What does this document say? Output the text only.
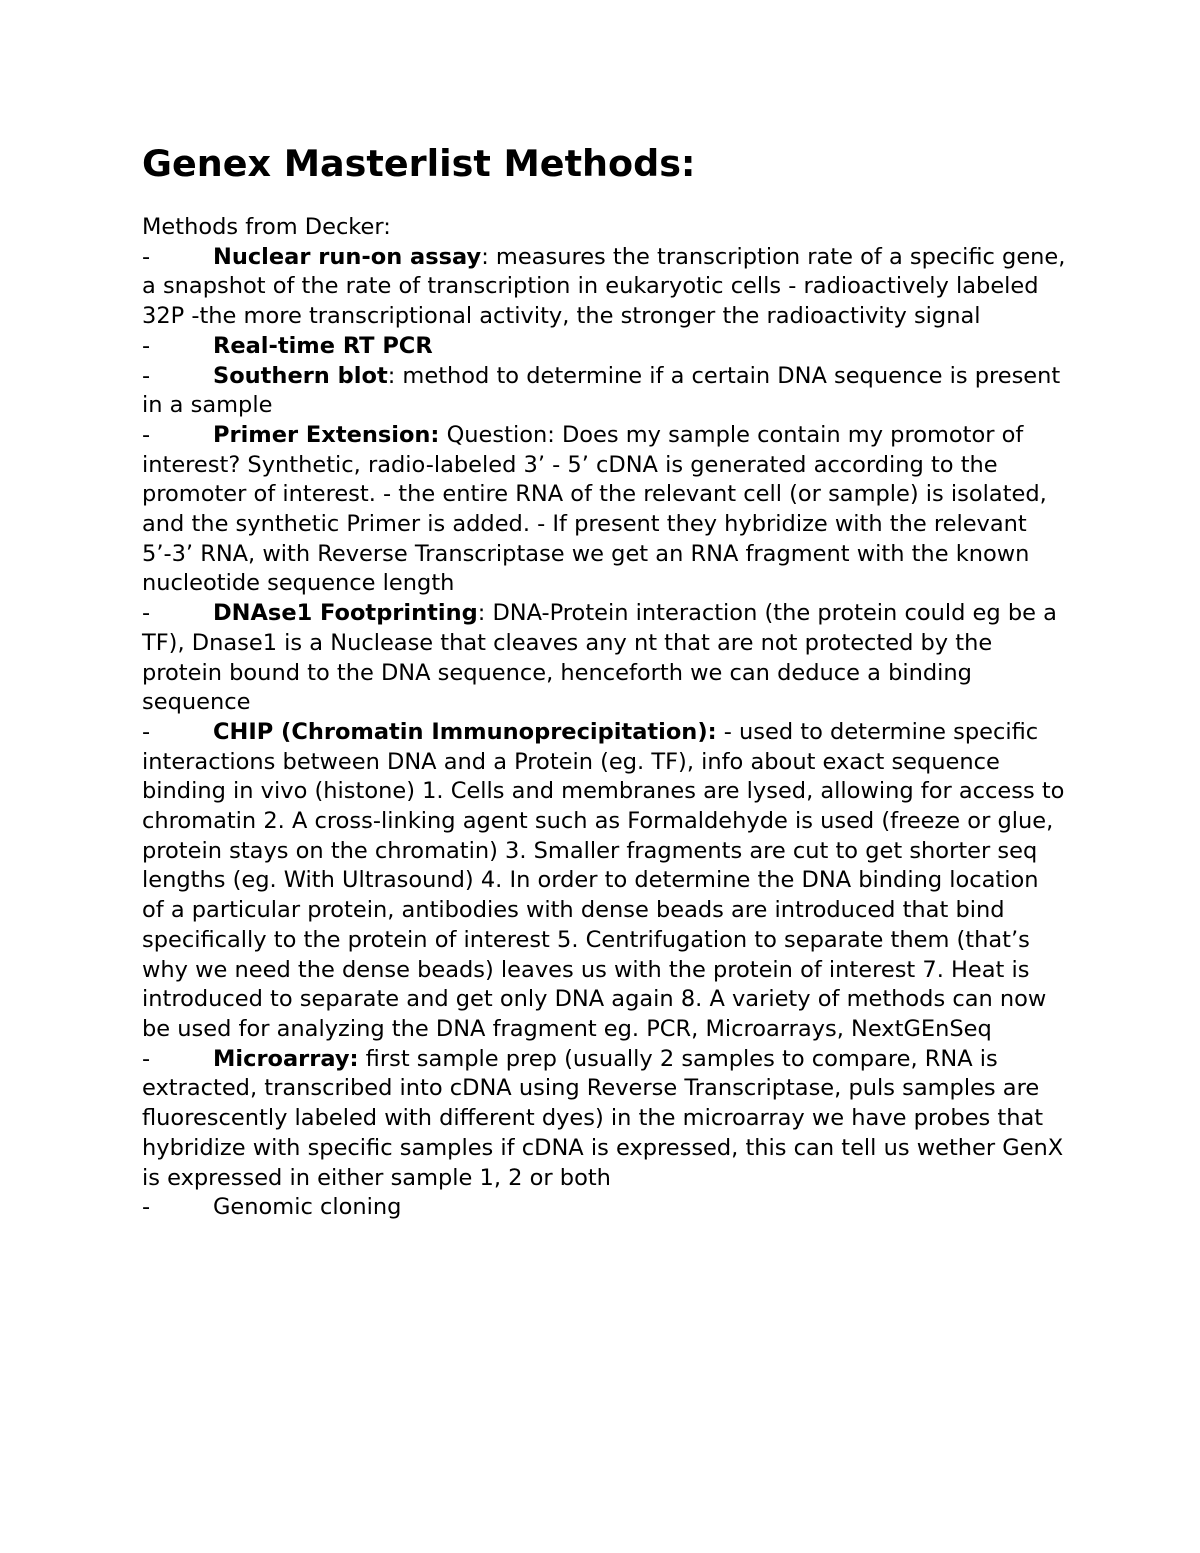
Genex Masterlist Methods:

Methods from Decker:

-	Nuclear run-on assay: measures the transcription rate of a specific gene, a snapshot of the rate of transcription in eukaryotic cells - radioactively labeled 32P -the more transcriptional activity, the stronger the radioactivity signal
-	Real-time RT PCR
-	Southern blot: method to determine if a certain DNA sequence is present in a sample
-	Primer Extension: Question: Does my sample contain my promotor of interest? Synthetic, radio-labeled 3’ - 5’ cDNA is generated according to the promoter of interest. - the entire RNA of the relevant cell (or sample) is isolated, and the synthetic Primer is added. - If present they hybridize with the relevant 5’-3’ RNA, with Reverse Transcriptase we get an RNA fragment with the known nucleotide sequence length
-	DNAse1 Footprinting: DNA-Protein interaction (the protein could eg be a TF), Dnase1 is a Nuclease that cleaves any nt that are not protected by the protein bound to the DNA sequence, henceforth we can deduce a binding sequence
-	CHIP (Chromatin Immunoprecipitation): - used to determine specific interactions between DNA and a Protein (eg. TF), info about exact sequence binding in vivo (histone) 1. Cells and membranes are lysed, allowing for access to chromatin 2. A cross-linking agent such as Formaldehyde is used (freeze or glue, protein stays on the chromatin) 3. Smaller fragments are cut to get shorter seq lengths (eg. With Ultrasound) 4. In order to determine the DNA binding location of a particular protein, antibodies with dense beads are introduced that bind specifically to the protein of interest 5. Centrifugation to separate them (that’s why we need the dense beads) leaves us with the protein of interest 7. Heat is introduced to separate and get only DNA again 8. A variety of methods can now be used for analyzing the DNA fragment eg. PCR, Microarrays, NextGEnSeq
-	Microarray: first sample prep (usually 2 samples to compare, RNA is extracted, transcribed into cDNA using Reverse Transcriptase, puls samples are fluorescently labeled with different dyes) in the microarray we have probes that hybridize with specific samples if cDNA is expressed, this can tell us wether GenX is expressed in either sample 1, 2 or both
-	Genomic cloning
